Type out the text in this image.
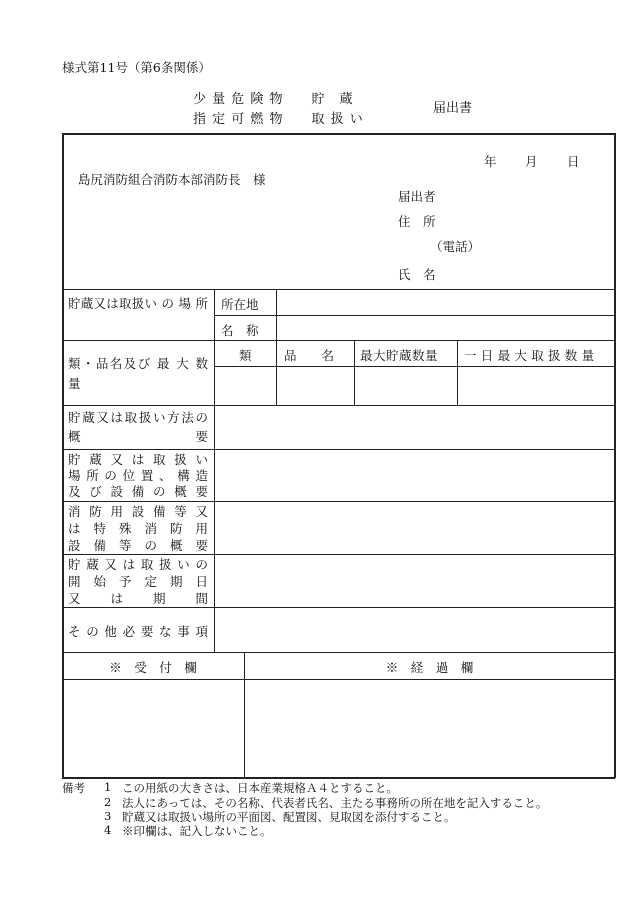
様式第11号（第6条関係）
少 量 危 険 物　　貯　蔵
指 定 可 燃 物　　取 扱 い
届出書
年 月 日
島尻消防組合消防本部消防長　様
届出者
住　所
（電話）
氏　名
貯蔵又は取扱い の 場 所 所在地
名　称
類・品名及び 最 大 数 量
類	品　　名 最大貯蔵数量 一日最大取扱数量
貯蔵又は取扱い方法の 概　　　要
貯蔵又は取扱い
場所の位置、構造
及び設備の概要
消防用設備等又
は特殊消防用
設備等の概要
貯蔵又は取扱いの
開始予定期日
又　は　期　間
その他必要な事項
※　受　付　欄	※　経　過　欄
備考 1 この用紙の大きさは、日本産業規格Ａ４とすること。
2 法人にあっては、その名称、代表者氏名、主たる事務所の所在地を記入すること。
3 貯蔵又は取扱い場所の平面図、配置図、見取図を添付すること。
4 ※印欄は、記入しないこと。
